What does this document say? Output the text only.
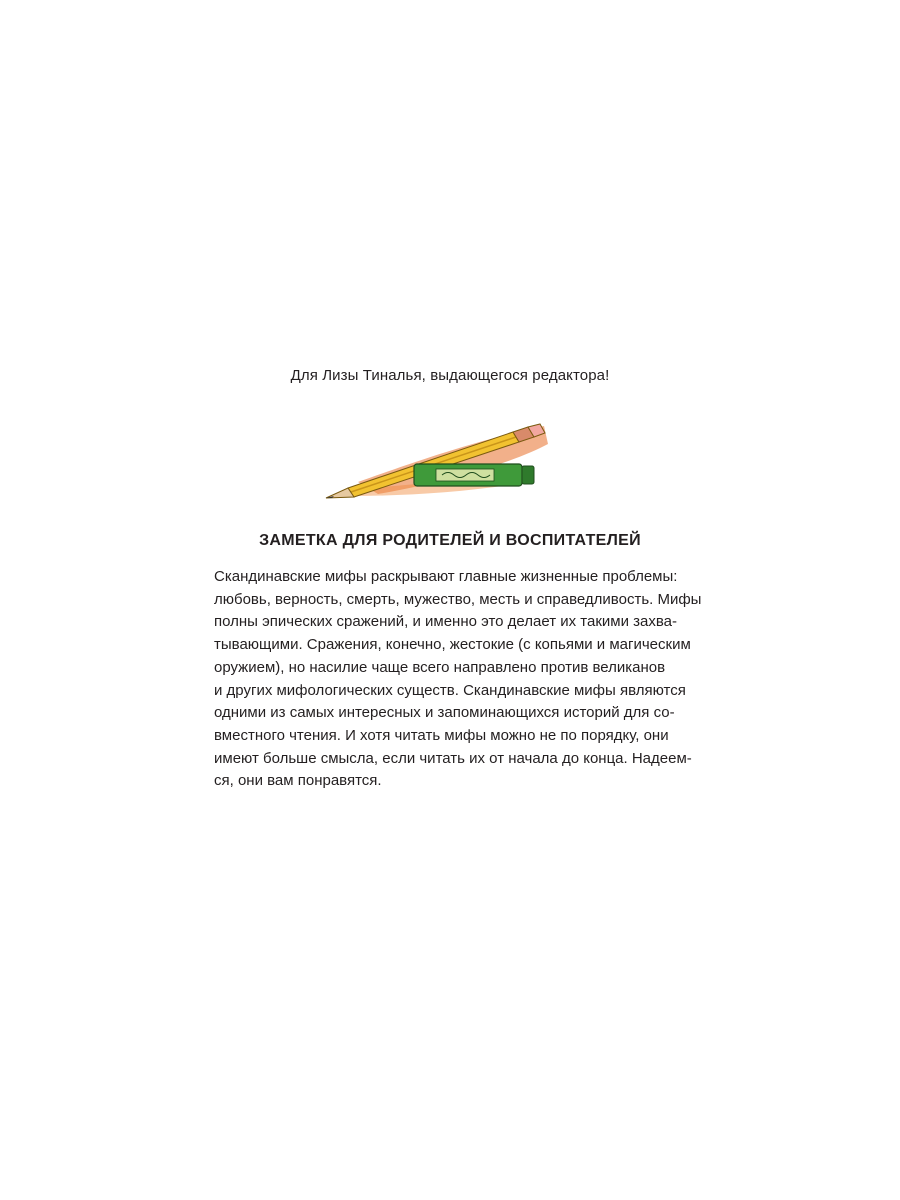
Для Лизы Тиналья, выдающегося редактора!
ЗАМЕТКА ДЛЯ РОДИТЕЛЕЙ И ВОСПИТАТЕЛЕЙ
Скандинавские мифы раскрывают главные жизненные проблемы:
любовь, верность, смерть, мужество, месть и справедливость. Мифы
полны эпических сражений, и именно это делает их такими захва-
тывающими. Сражения, конечно, жестокие (с копьями и магическим
оружием), но насилие чаще всего направлено против великанов
и других мифологических существ. Скандинавские мифы являются
одними из самых интересных и запоминающихся историй для со-
вместного чтения. И хотя читать мифы можно не по порядку, они
имеют больше смысла, если читать их от начала до конца. Надеем-
ся, они вам понравятся.
